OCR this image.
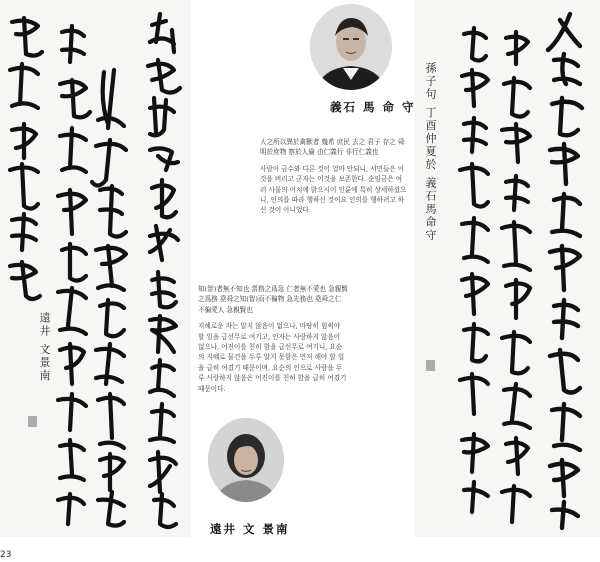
遠井 文景南
孫子句 丁酉仲夏於 義石馬命守
義石 馬 命 守

人之所以異於禽獸者 幾希 庶民 去之 君子 存之 舜 明於庶物 察於人倫 由仁義行 非行仁義也

사람이 금수와 다른 것이 얼마 안되니, 서민들은 이것을 버리고 군자는 이것을 보존한다. 순임금은 여러 사물의 이치에 밝으시어 인륜에 특히 상세하셨으니, 인의를 따라 행하신 것이요 인의를 행하려고 하신 것이 아니었다.

知(智)者無不知也 當務之爲急 仁者無不愛也 急親賢之爲務 堯舜之知(智)而不徧物 急先務也 堯舜之仁 不徧愛人 急親賢也

지혜로운 자는 알지 않음이 없으나, 마땅히 힘써야 할 일을 급선무로 여기고, 인자는 사랑하지 않음이 없으나, 어진이를 친히 함을 급선무로 여기니, 요순의 지혜로 물건을 두루 알지 못함은 먼저 해야 할 일을 급히 여겼기 때문이며, 요순의 인으로 사람을 두루 사랑하지 않음은 어진이를 친히 함을 급히 여겼기 때문이다.

遠井 文 景南
23
